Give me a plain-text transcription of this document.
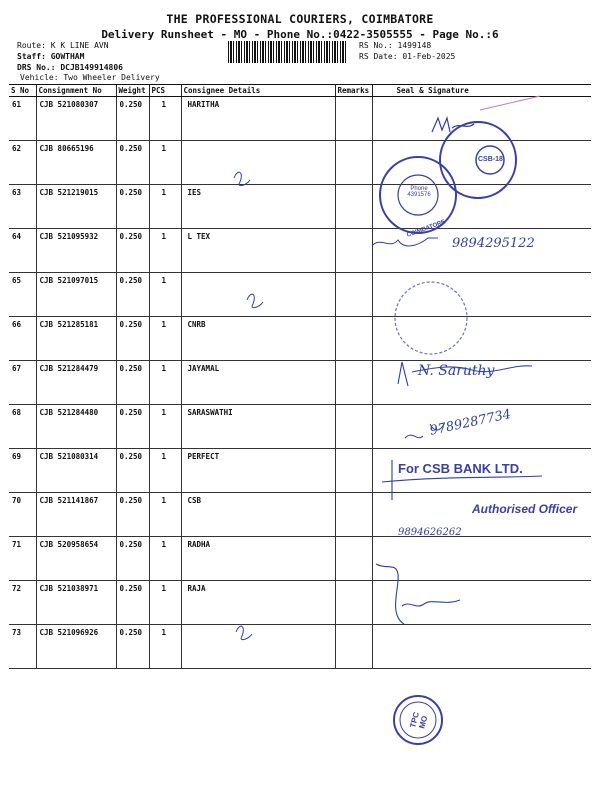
THE PROFESSIONAL COURIERS, COIMBATORE
Delivery Runsheet - MO - Phone No.:0422-3505555 - Page No.:6
Route: K K LINE AVN
Staff: GOWTHAM
DRS No.: DCJB149914806
Vehicle: Two Wheeler Delivery
RS No.: 1499148
RS Date: 01-Feb-2025
S No	Consignment No	Weight	PCS	Consignee Details	Remarks	Seal & Signature
61	CJB 521080307	0.250	1	HARITHA		
62	CJB 80665196	0.250	1			
63	CJB 521219015	0.250	1	IES		
64	CJB 521095932	0.250	1	L TEX		
65	CJB 521097015	0.250	1			
66	CJB 521285181	0.250	1	CNRB		
67	CJB 521284479	0.250	1	JAYAMAL		
68	CJB 521284480	0.250	1	SARASWATHI		
69	CJB 521080314	0.250	1	PERFECT		
70	CJB 521141867	0.250	1	CSB		
71	CJB 520958654	0.250	1	RADHA		
72	CJB 521038971	0.250	1	RAJA		
73	CJB 521096926	0.250	1			
9894295122
N. Saruthy
9789287734
For CSB BANK LTD.
Authorised Officer
9894626262
TPC MO
CSB-18
Phone 4391576
COIMBATORE
